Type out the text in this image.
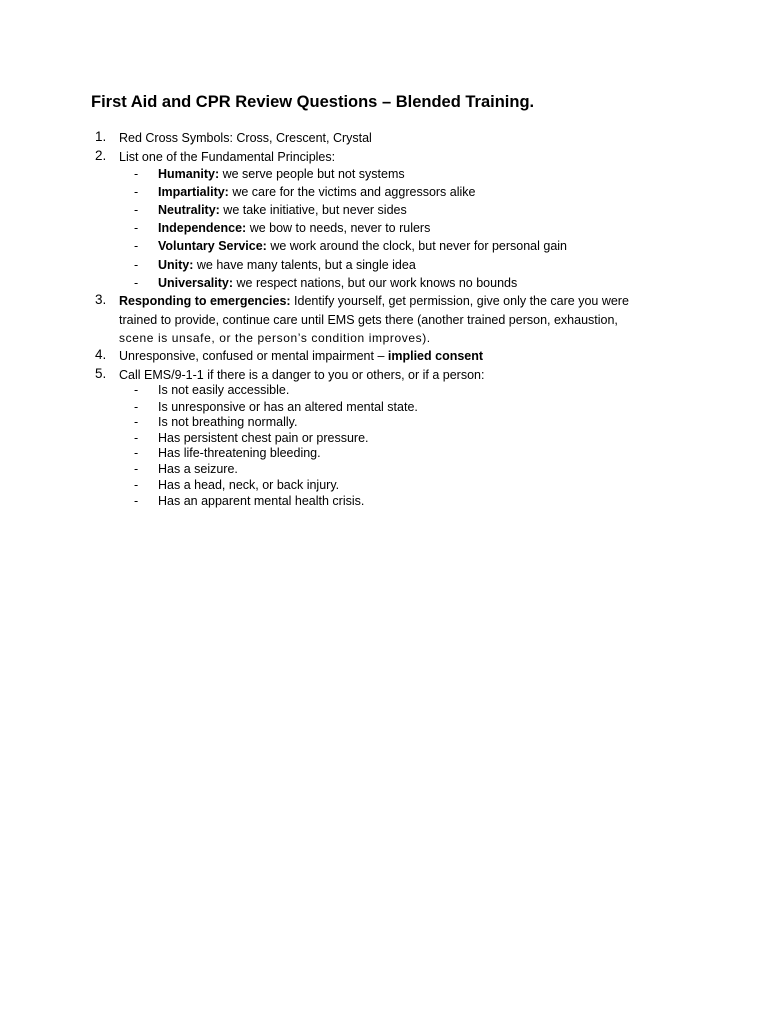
First Aid and CPR Review Questions – Blended Training.
1. Red Cross Symbols: Cross, Crescent, Crystal
2. List one of the Fundamental Principles:
- Humanity: we serve people but not systems
- Impartiality: we care for the victims and aggressors alike
- Neutrality: we take initiative, but never sides
- Independence: we bow to needs, never to rulers
- Voluntary Service: we work around the clock, but never for personal gain
- Unity: we have many talents, but a single idea
- Universality: we respect nations, but our work knows no bounds
3. Responding to emergencies: Identify yourself, get permission, give only the care you were
trained to provide, continue care until EMS gets there (another trained person, exhaustion,
scene is unsafe, or the person’s condition improves).
4. Unresponsive, confused or mental impairment – implied consent
5. Call EMS/9-1-1 if there is a danger to you or others, or if a person:
- Is not easily accessible.
- Is unresponsive or has an altered mental state.
- Is not breathing normally.
- Has persistent chest pain or pressure.
- Has life-threatening bleeding.
- Has a seizure.
- Has a head, neck, or back injury.
- Has an apparent mental health crisis.
